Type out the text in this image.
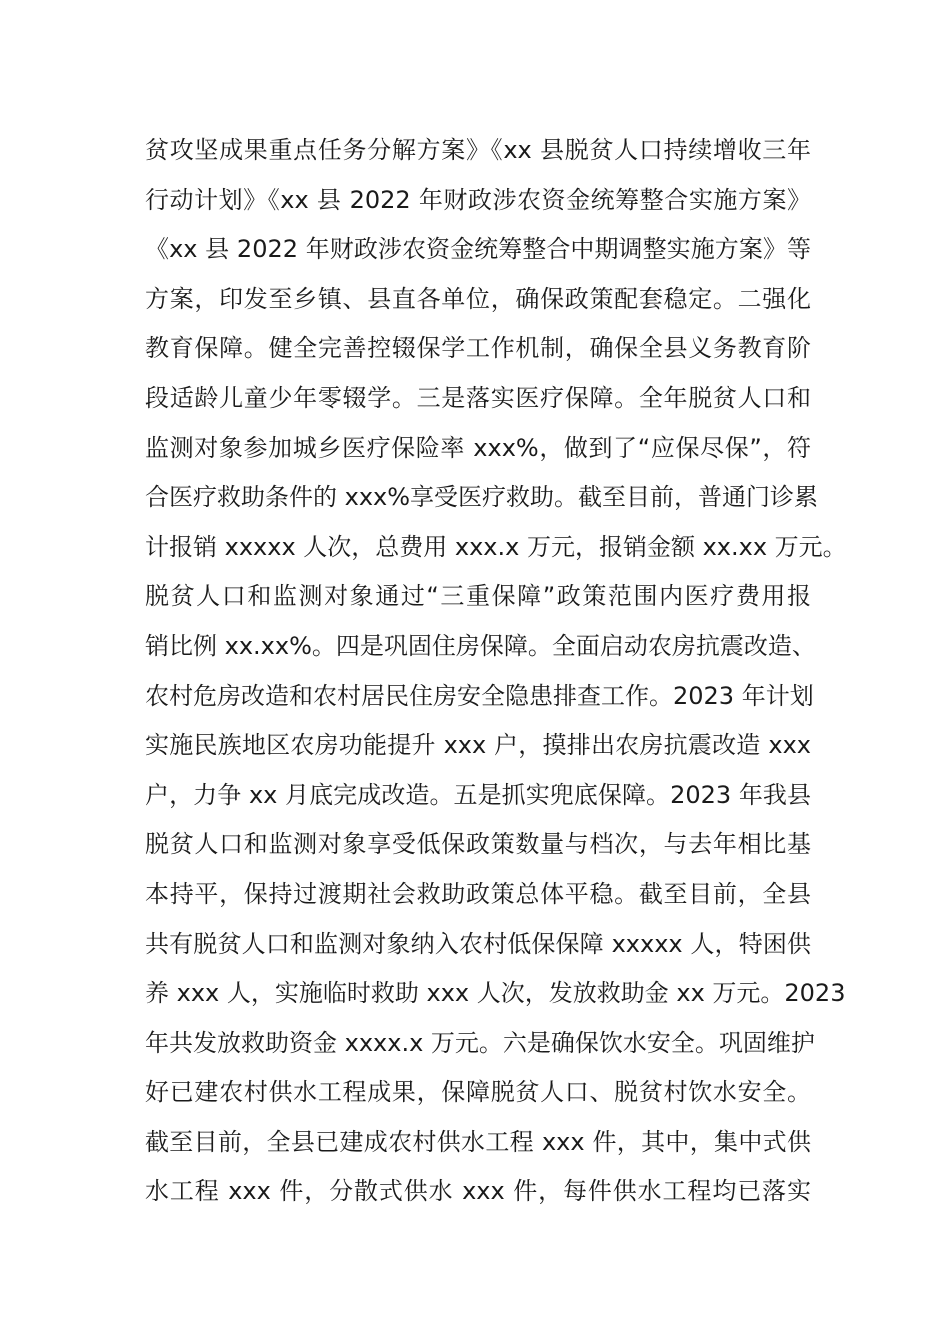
贫攻坚成果重点任务分解方案》《xx 县脱贫人口持续增收三年
行动计划》《xx 县 2022 年财政涉农资金统筹整合实施方案》
《xx 县 2022 年财政涉农资金统筹整合中期调整实施方案》等
方案，印发至乡镇、县直各单位，确保政策配套稳定。二强化
教育保障。健全完善控辍保学工作机制，确保全县义务教育阶
段适龄儿童少年零辍学。三是落实医疗保障。全年脱贫人口和
监测对象参加城乡医疗保险率 xxx%，做到了“应保尽保”，符
合医疗救助条件的 xxx%享受医疗救助。截至目前，普通门诊累
计报销 xxxxx 人次，总费用 xxx.x 万元，报销金额 xx.xx 万元。
脱贫人口和监测对象通过“三重保障”政策范围内医疗费用报
销比例 xx.xx%。四是巩固住房保障。全面启动农房抗震改造、
农村危房改造和农村居民住房安全隐患排查工作。2023 年计划
实施民族地区农房功能提升 xxx 户，摸排出农房抗震改造 xxx
户，力争 xx 月底完成改造。五是抓实兜底保障。2023 年我县
脱贫人口和监测对象享受低保政策数量与档次，与去年相比基
本持平，保持过渡期社会救助政策总体平稳。截至目前，全县
共有脱贫人口和监测对象纳入农村低保保障 xxxxx 人，特困供
养 xxx 人，实施临时救助 xxx 人次，发放救助金 xx 万元。2023
年共发放救助资金 xxxx.x 万元。六是确保饮水安全。巩固维护
好已建农村供水工程成果，保障脱贫人口、脱贫村饮水安全。
截至目前，全县已建成农村供水工程 xxx 件，其中，集中式供
水工程 xxx 件，分散式供水 xxx 件，每件供水工程均已落实
